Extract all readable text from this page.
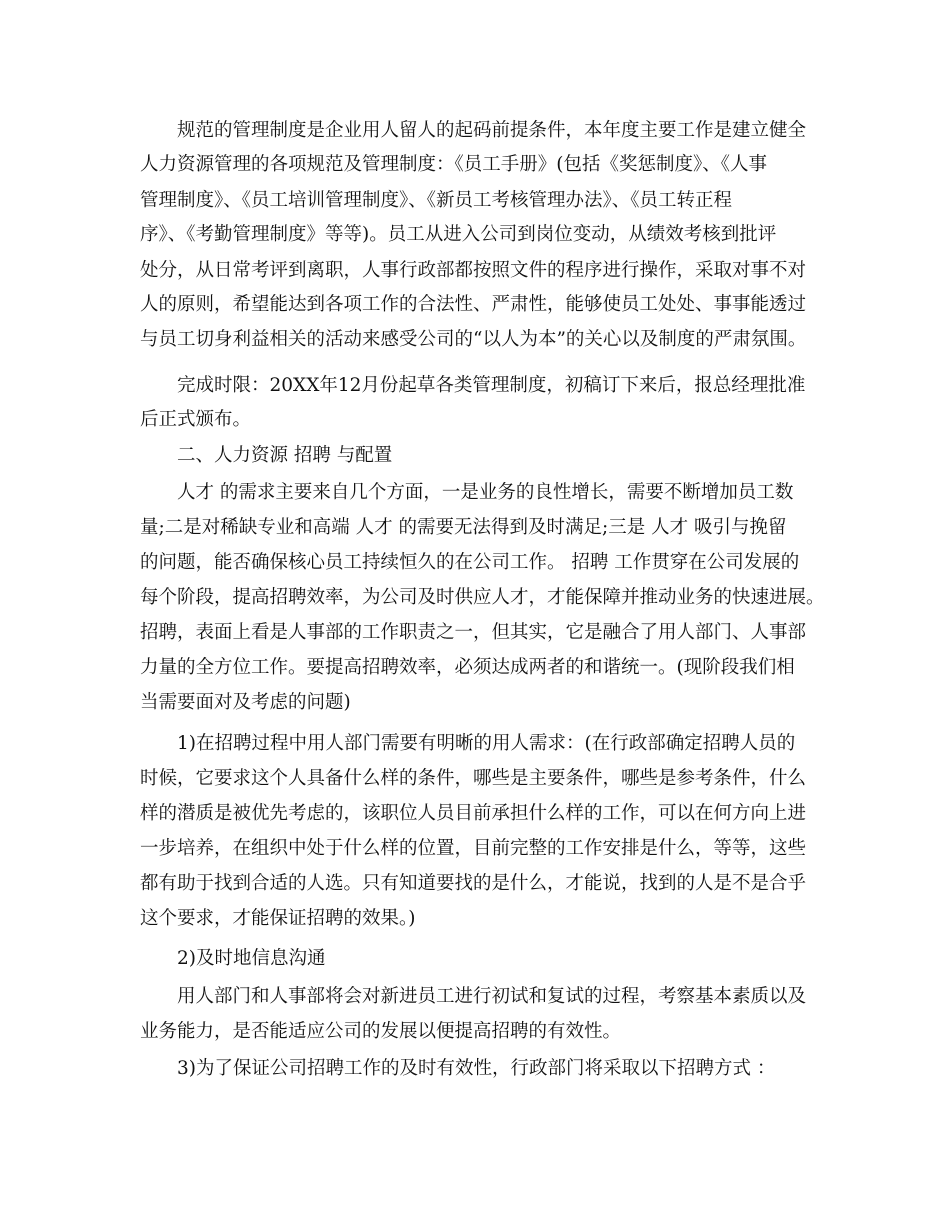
规范的管理制度是企业用人留人的起码前提条件，本年度主要工作是建立健全
人力资源管理的各项规范及管理制度：《员工手册》(包括《奖惩制度》、《人事
管理制度》、《员工培训管理制度》、《新员工考核管理办法》、《员工转正程
序》、《考勤管理制度》等等)。员工从进入公司到岗位变动，从绩效考核到批评
处分，从日常考评到离职，人事行政部都按照文件的程序进行操作，采取对事不对
人的原则，希望能达到各项工作的合法性、严肃性，能够使员工处处、事事能透过
与员工切身利益相关的活动来感受公司的“以人为本”的关心以及制度的严肃氛围。
完成时限：20XX年12月份起草各类管理制度，初稿订下来后，报总经理批准
后正式颁布。
二、人力资源 招聘 与配置
人才 的需求主要来自几个方面，一是业务的良性增长，需要不断增加员工数
量;二是对稀缺专业和高端 人才 的需要无法得到及时满足;三是 人才 吸引与挽留
的问题，能否确保核心员工持续恒久的在公司工作。 招聘 工作贯穿在公司发展的
每个阶段，提高招聘效率，为公司及时供应人才，才能保障并推动业务的快速进展。
招聘，表面上看是人事部的工作职责之一，但其实，它是融合了用人部门、人事部
力量的全方位工作。要提高招聘效率，必须达成两者的和谐统一。(现阶段我们相
当需要面对及考虑的问题)
1)在招聘过程中用人部门需要有明晰的用人需求：(在行政部确定招聘人员的
时候，它要求这个人具备什么样的条件，哪些是主要条件，哪些是参考条件，什么
样的潜质是被优先考虑的，该职位人员目前承担什么样的工作，可以在何方向上进
一步培养，在组织中处于什么样的位置，目前完整的工作安排是什么，等等，这些
都有助于找到合适的人选。只有知道要找的是什么，才能说，找到的人是不是合乎
这个要求，才能保证招聘的效果。)
2)及时地信息沟通
用人部门和人事部将会对新进员工进行初试和复试的过程，考察基本素质以及
业务能力，是否能适应公司的发展以便提高招聘的有效性。
3)为了保证公司招聘工作的及时有效性，行政部门将采取以下招聘方式 ：
